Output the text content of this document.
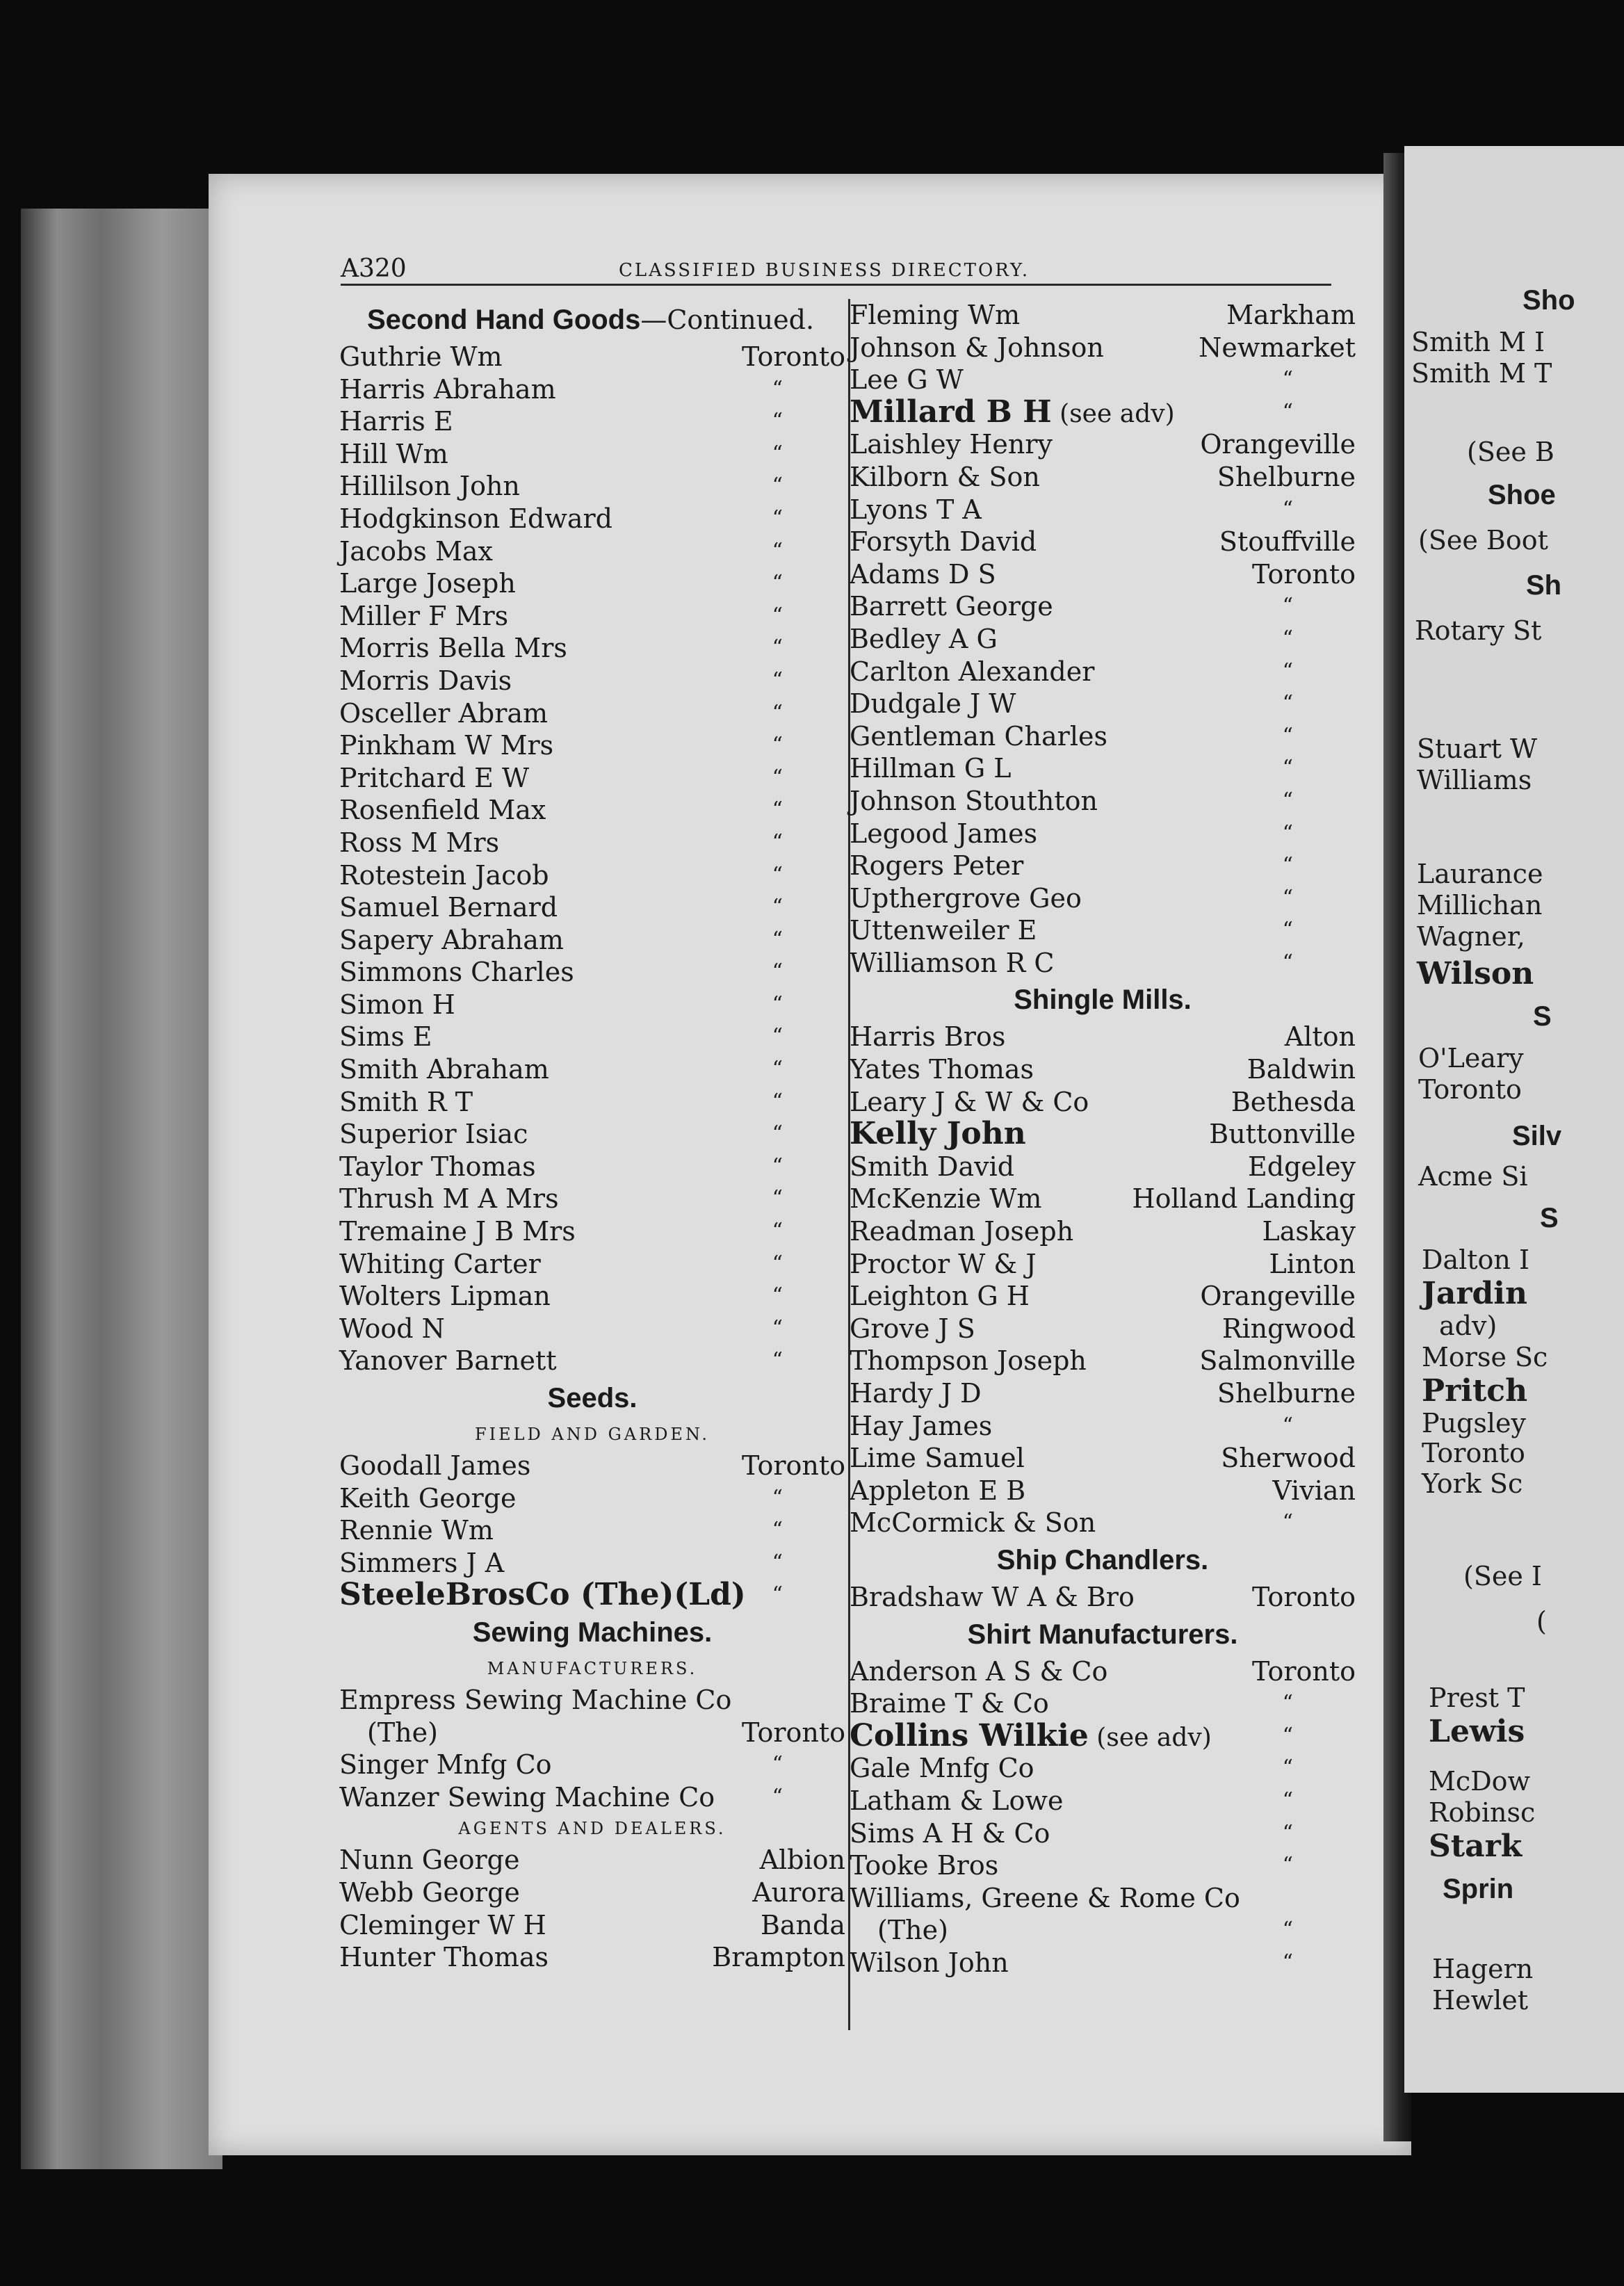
A320	CLASSIFIED BUSINESS DIRECTORY.
Second Hand Goods—Continued.
Guthrie Wm	Toronto
Harris Abraham	“
Harris E	“
Hill Wm	“
Hillilson John	“
Hodgkinson Edward	“
Jacobs Max	“
Large Joseph	“
Miller F Mrs	“
Morris Bella Mrs	“
Morris Davis	“
Osceller Abram	“
Pinkham W Mrs	“
Pritchard E W	“
Rosenfield Max	“
Ross M Mrs	“
Rotestein Jacob	“
Samuel Bernard	“
Sapery Abraham	“
Simmons Charles	“
Simon H	“
Sims E	“
Smith Abraham	“
Smith R T	“
Superior Isiac	“
Taylor Thomas	“
Thrush M A Mrs	“
Tremaine J B Mrs	“
Whiting Carter	“
Wolters Lipman	“
Wood N	“
Yanover Barnett	“
Seeds.
FIELD AND GARDEN.
Goodall James	Toronto
Keith George	“
Rennie Wm	“
Simmers J A	“
SteeleBrosCo (The)(Ld) “
Sewing Machines.
MANUFACTURERS.
Empress Sewing Machine Co
(The)	Toronto
Singer Mnfg Co	“
Wanzer Sewing Machine Co	“
AGENTS AND DEALERS.
Nunn George	Albion
Webb George	Aurora
Cleminger W H	Banda
Hunter Thomas	Brampton
Fleming Wm	Markham
Johnson & Johnson	Newmarket
Lee G W	“
Millard B H (see adv)	“
Laishley Henry	Orangeville
Kilborn & Son	Shelburne
Lyons T A	“
Forsyth David	Stouffville
Adams D S	Toronto
Barrett George	“
Bedley A G	“
Carlton Alexander	“
Dudgale J W	“
Gentleman Charles	“
Hillman G L	“
Johnson Stouthton	“
Legood James	“
Rogers Peter	“
Upthergrove Geo	“
Uttenweiler E	“
Williamson R C	“
Shingle Mills.
Harris Bros	Alton
Yates Thomas	Baldwin
Leary J & W & Co	Bethesda
Kelly John	Buttonville
Smith David	Edgeley
McKenzie Wm	Holland Landing
Readman Joseph	Laskay
Proctor W & J	Linton
Leighton G H	Orangeville
Grove J S	Ringwood
Thompson Joseph	Salmonville
Hardy J D	Shelburne
Hay James	“
Lime Samuel	Sherwood
Appleton E B	Vivian
McCormick & Son	“
Ship Chandlers.
Bradshaw W A & Bro	Toronto
Shirt Manufacturers.
Anderson A S & Co	Toronto
Braime T & Co	“
Collins Wilkie (see adv)	“
Gale Mnfg Co	“
Latham & Lowe	“
Sims A H & Co	“
Tooke Bros	“
Williams, Greene & Rome Co
(The)	“
Wilson John	“
Sho
Smith M I
Smith M T
(See B
Shoe
(See Boot
Sh
Rotary St
Stuart W
Williams
Laurance
Millichan
Wagner,
Wilson
S
O'Leary
Toronto
Silv
Acme Si
S
Dalton I
Jardin
adv)
Morse Sc
Pritch
Pugsley
Toronto
York Sc
(See I
(
Prest T
Lewis
McDow
Robinsc
Stark
Sprin
Hagern
Hewlet
